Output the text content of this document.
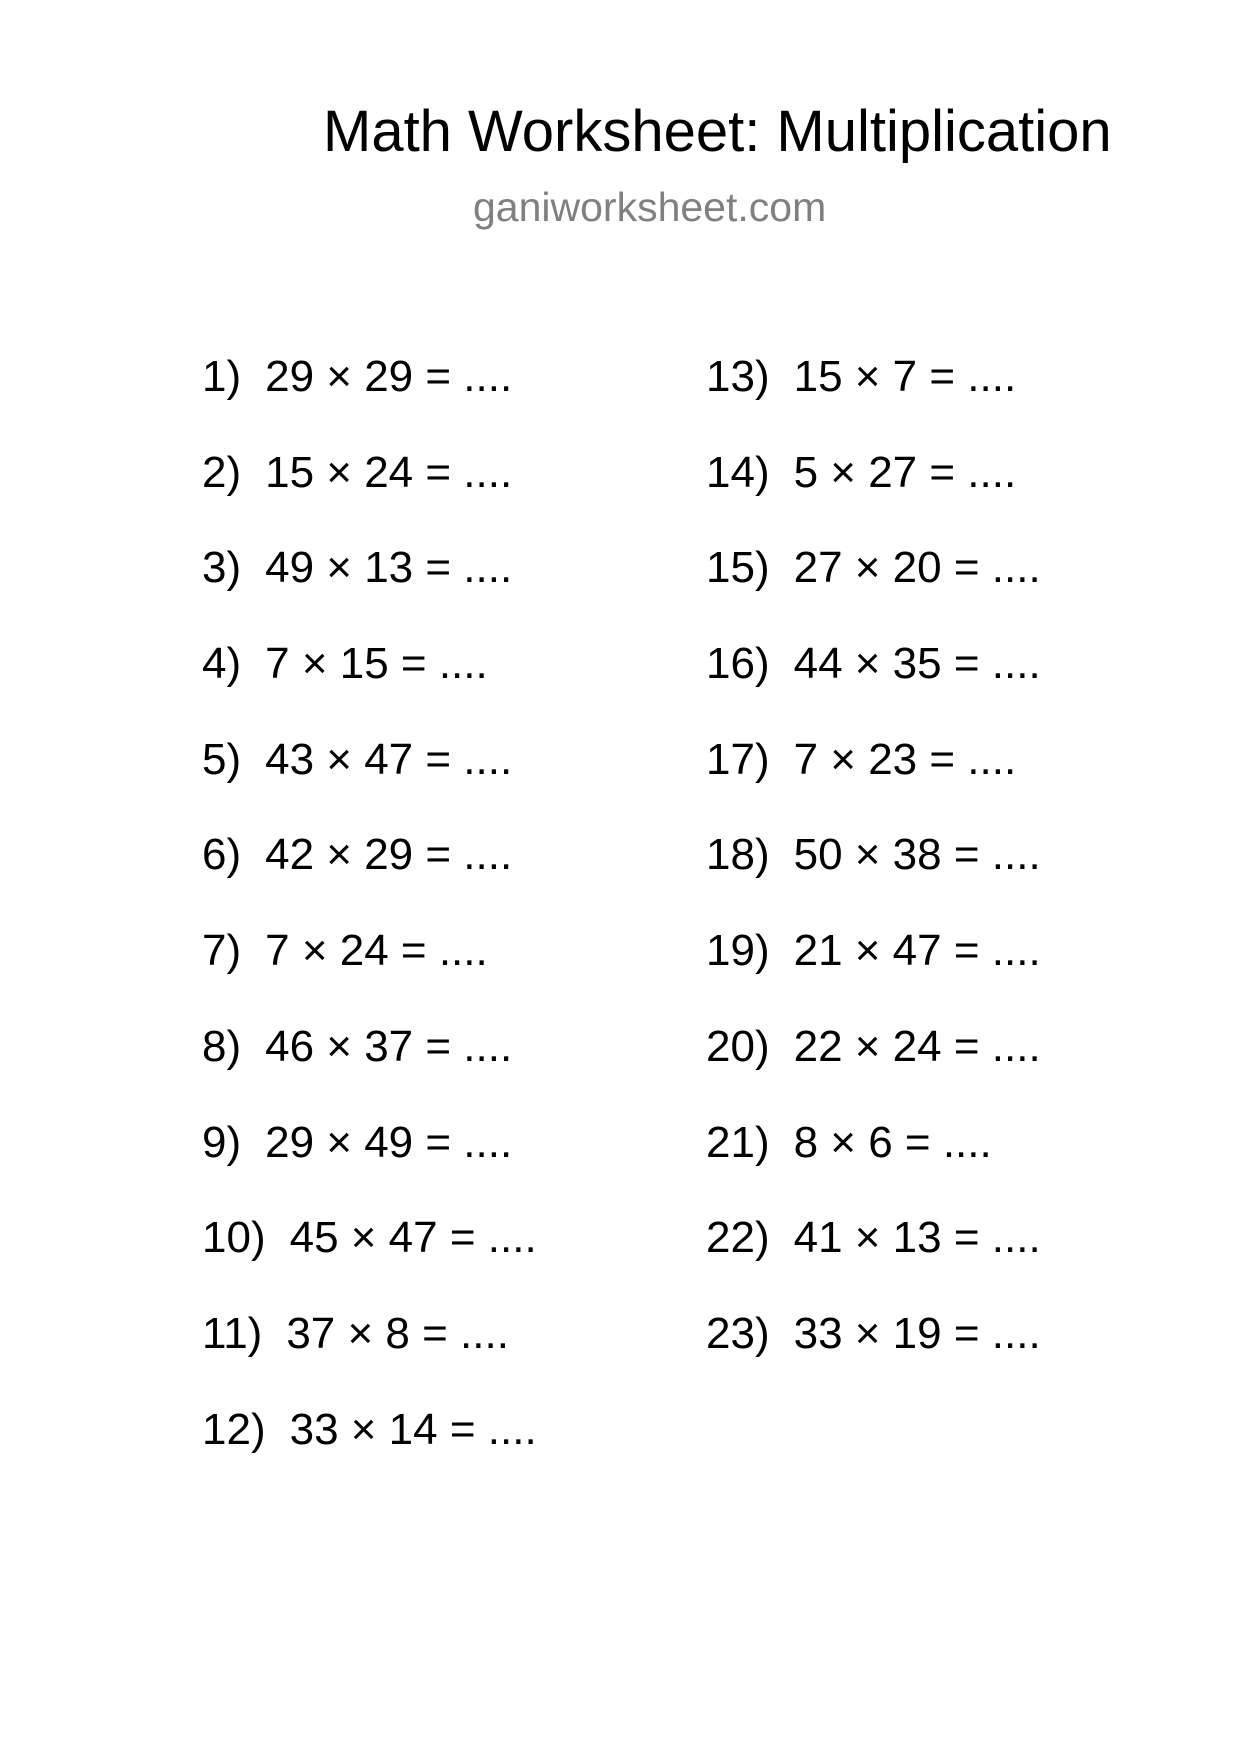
Math Worksheet: Multiplication
ganiworksheet.com
1) 29 × 29 = ....
2) 15 × 24 = ....
3) 49 × 13 = ....
4) 7 × 15 = ....
5) 43 × 47 = ....
6) 42 × 29 = ....
7) 7 × 24 = ....
8) 46 × 37 = ....
9) 29 × 49 = ....
10) 45 × 47 = ....
11) 37 × 8 = ....
12) 33 × 14 = ....
13) 15 × 7 = ....
14) 5 × 27 = ....
15) 27 × 20 = ....
16) 44 × 35 = ....
17) 7 × 23 = ....
18) 50 × 38 = ....
19) 21 × 47 = ....
20) 22 × 24 = ....
21) 8 × 6 = ....
22) 41 × 13 = ....
23) 33 × 19 = ....
